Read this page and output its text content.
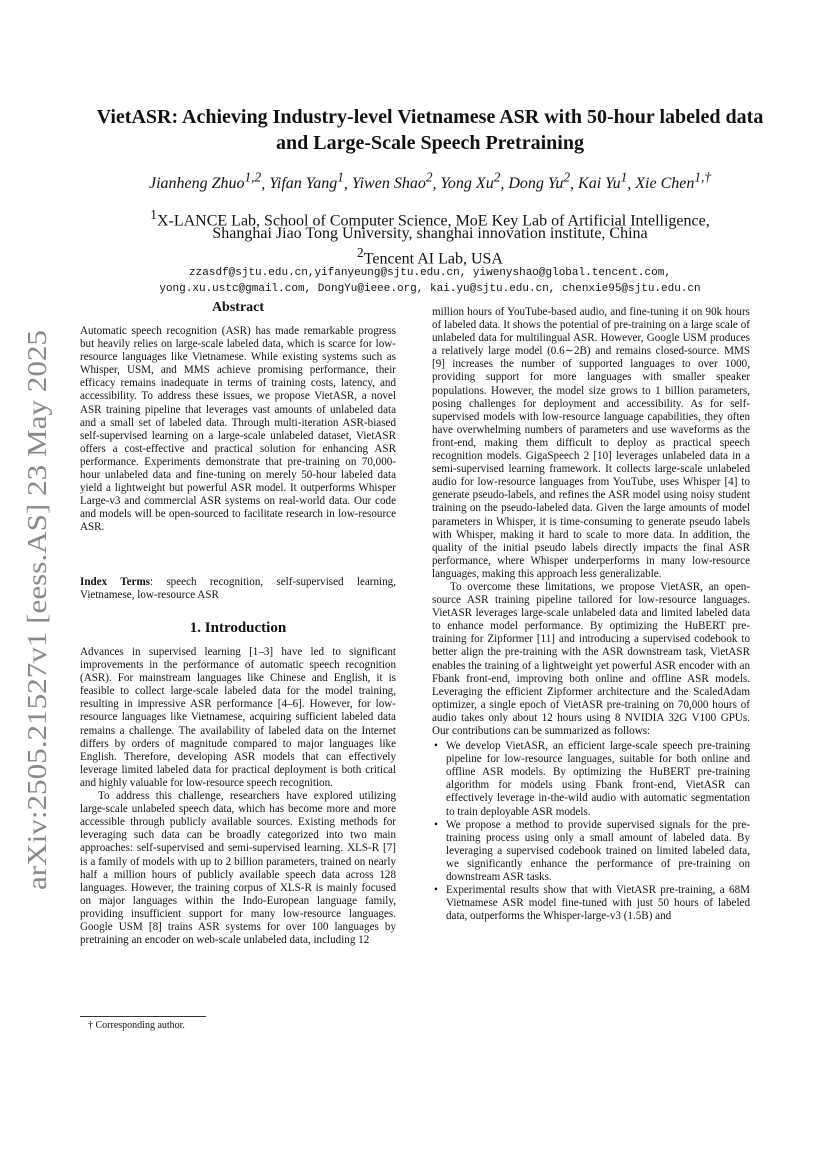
arXiv:2505.21527v1 [eess.AS] 23 May 2025
VietASR: Achieving Industry-level Vietnamese ASR with 50-hour labeled data
and Large-Scale Speech Pretraining
Jianheng Zhuo$^{1,2}$, Yifan Yang$^1$, Yiwen Shao$^2$, Yong Xu$^2$, Dong Yu$^2$, Kai Yu$^1$, Xie Chen$^{1,\dagger}$
$^1$X-LANCE Lab, School of Computer Science, MoE Key Lab of Artificial Intelligence,
Shanghai Jiao Tong University, shanghai innovation institute, China
$^2$Tencent AI Lab, USA
zzasdf@sjtu.edu.cn,yifanyeung@sjtu.edu.cn, yiwenyshao@global.tencent.com,
yong.xu.ustc@gmail.com, DongYu@ieee.org, kai.yu@sjtu.edu.cn, chenxie95@sjtu.edu.cn
Abstract

Automatic speech recognition (ASR) has made remarkable progress but heavily relies on large-scale labeled data, which is scarce for low-resource languages like Vietnamese. While existing systems such as Whisper, USM, and MMS achieve promising performance, their efficacy remains inadequate in terms of training costs, latency, and accessibility. To address these issues, we propose VietASR, a novel ASR training pipeline that leverages vast amounts of unlabeled data and a small set of labeled data. Through multi-iteration ASR-biased self-supervised learning on a large-scale unlabeled dataset, VietASR offers a cost-effective and practical solution for enhancing ASR performance. Experiments demonstrate that pre-training on 70,000-hour unlabeled data and fine-tuning on merely 50-hour labeled data yield a lightweight but powerful ASR model. It outperforms Whisper Large-v3 and commercial ASR systems on real-world data. Our code and models will be open-sourced to facilitate research in low-resource ASR.

Index Terms: speech recognition, self-supervised learning, Vietnamese, low-resource ASR

1. Introduction

Advances in supervised learning [1–3] have led to significant improvements in the performance of automatic speech recognition (ASR). For mainstream languages like Chinese and English, it is feasible to collect large-scale labeled data for the model training, resulting in impressive ASR performance [4–6]. However, for low-resource languages like Vietnamese, acquiring sufficient labeled data remains a challenge. The availability of labeled data on the Internet differs by orders of magnitude compared to major languages like English. Therefore, developing ASR models that can effectively leverage limited labeled data for practical deployment is both critical and highly valuable for low-resource speech recognition.

To address this challenge, researchers have explored utilizing large-scale unlabeled speech data, which has become more and more accessible through publicly available sources. Existing methods for leveraging such data can be broadly categorized into two main approaches: self-supervised and semi-supervised learning. XLS-R [7] is a family of models with up to 2 billion parameters, trained on nearly half a million hours of publicly available speech data across 128 languages. However, the training corpus of XLS-R is mainly focused on major languages within the Indo-European language family, providing insufficient support for many low-resource languages. Google USM [8] trains ASR systems for over 100 languages by pretraining an encoder on web-scale unlabeled data, including 12

† Corresponding author.

million hours of YouTube-based audio, and fine-tuning it on 90k hours of labeled data. It shows the potential of pre-training on a large scale of unlabeled data for multilingual ASR. However, Google USM produces a relatively large model (0.6∼2B) and remains closed-source. MMS [9] increases the number of supported languages to over 1000, providing support for more languages with smaller speaker populations. However, the model size grows to 1 billion parameters, posing challenges for deployment and accessibility. As for self-supervised models with low-resource language capabilities, they often have overwhelming numbers of parameters and use waveforms as the front-end, making them difficult to deploy as practical speech recognition models. GigaSpeech 2 [10] leverages unlabeled data in a semi-supervised learning framework. It collects large-scale unlabeled audio for low-resource languages from YouTube, uses Whisper [4] to generate pseudo-labels, and refines the ASR model using noisy student training on the pseudo-labeled data. Given the large amounts of model parameters in Whisper, it is time-consuming to generate pseudo labels with Whisper, making it hard to scale to more data. In addition, the quality of the initial pseudo labels directly impacts the final ASR performance, where Whisper underperforms in many low-resource languages, making this approach less generalizable.

To overcome these limitations, we propose VietASR, an open-source ASR training pipeline tailored for low-resource languages. VietASR leverages large-scale unlabeled data and limited labeled data to enhance model performance. By optimizing the HuBERT pre-training for Zipformer [11] and introducing a supervised codebook to better align the pre-training with the ASR downstream task, VietASR enables the training of a lightweight yet powerful ASR encoder with an Fbank front-end, improving both online and offline ASR models. Leveraging the efficient Zipformer architecture and the ScaledAdam optimizer, a single epoch of VietASR pre-training on 70,000 hours of audio takes only about 12 hours using 8 NVIDIA 32G V100 GPUs. Our contributions can be summarized as follows:

• We develop VietASR, an efficient large-scale speech pre-training pipeline for low-resource languages, suitable for both online and offline ASR models. By optimizing the HuBERT pre-training algorithm for models using Fbank front-end, VietASR can effectively leverage in-the-wild audio with automatic segmentation to train deployable ASR models.
• We propose a method to provide supervised signals for the pre-training process using only a small amount of labeled data. By leveraging a supervised codebook trained on limited labeled data, we significantly enhance the performance of pre-training on downstream ASR tasks.
• Experimental results show that with VietASR pre-training, a 68M Vietnamese ASR model fine-tuned with just 50 hours of labeled data, outperforms the Whisper-large-v3 (1.5B) and
